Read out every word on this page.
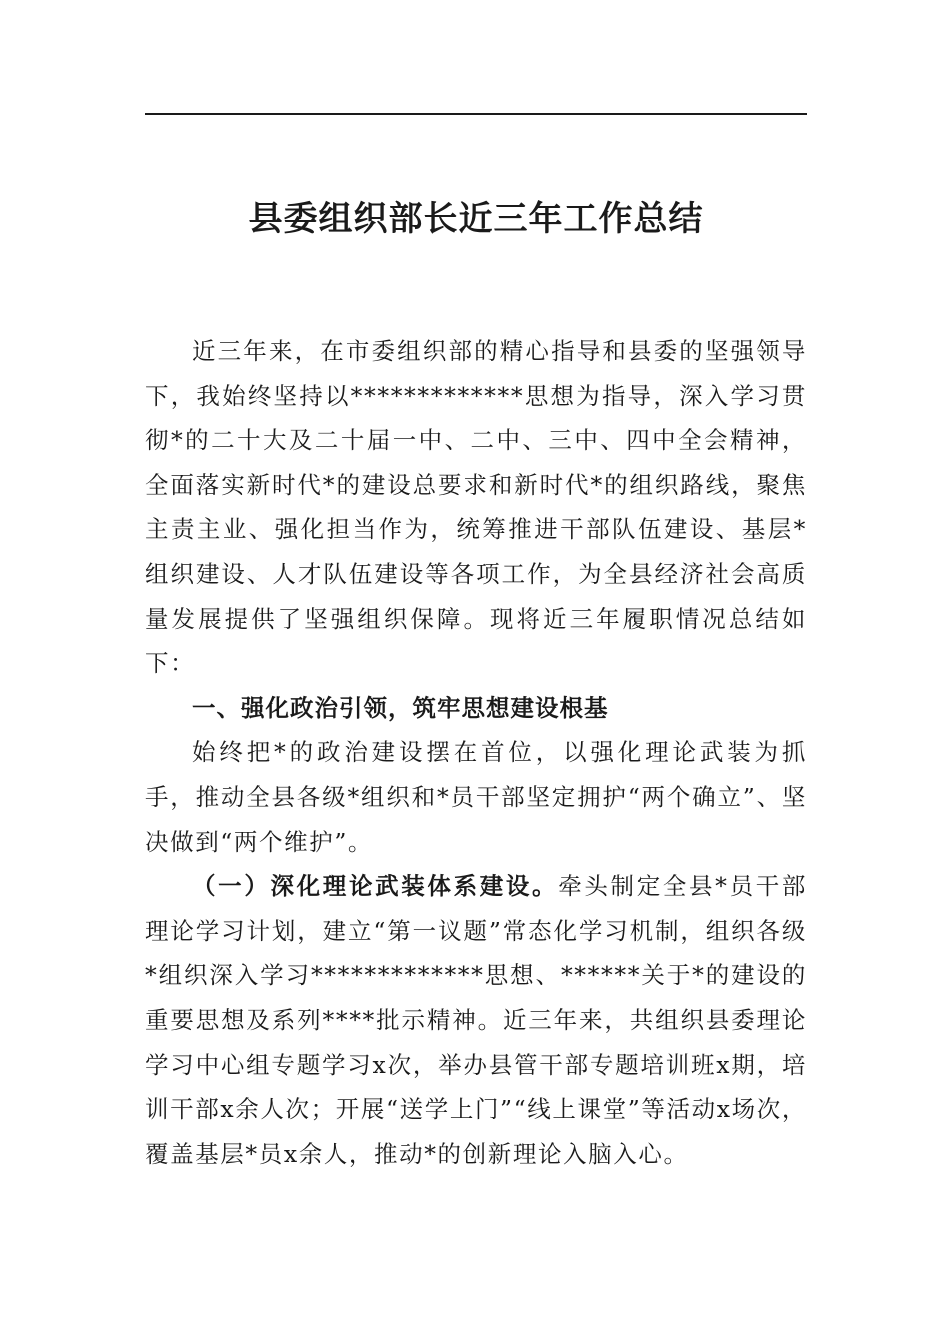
县委组织部长近三年工作总结

近三年来，在市委组织部的精心指导和县委的坚强领导下，我始终坚持以*************思想为指导，深入学习贯彻*的二十大及二十届一中、二中、三中、四中全会精神，全面落实新时代*的建设总要求和新时代*的组织路线，聚焦主责主业、强化担当作为，统筹推进干部队伍建设、基层*组织建设、人才队伍建设等各项工作，为全县经济社会高质量发展提供了坚强组织保障。现将近三年履职情况总结如下：

一、强化政治引领，筑牢思想建设根基

始终把*的政治建设摆在首位，以强化理论武装为抓手，推动全县各级*组织和*员干部坚定拥护“两个确立”、坚决做到“两个维护”。

（一）深化理论武装体系建设。牵头制定全县*员干部理论学习计划，建立“第一议题”常态化学习机制，组织各级*组织深入学习*************思想、******关于*的建设的重要思想及系列****批示精神。近三年来，共组织县委理论学习中心组专题学习x次，举办县管干部专题培训班x期，培训干部x余人次；开展“送学上门”“线上课堂”等活动x场次，覆盖基层*员x余人，推动*的创新理论入脑入心。
